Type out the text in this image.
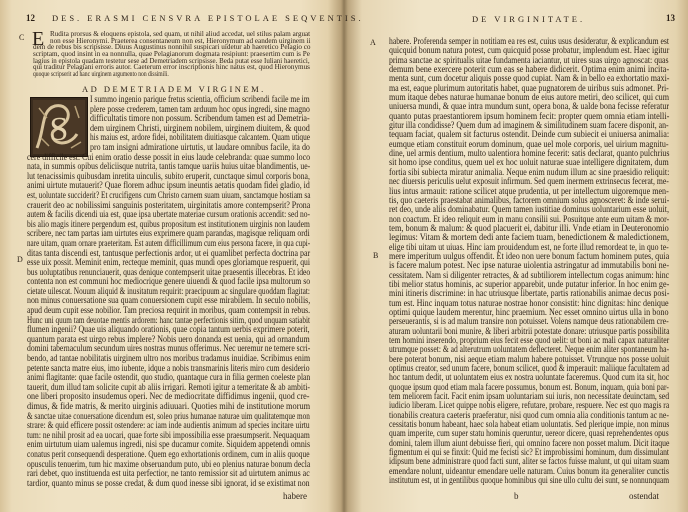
12 DES. ERASMI CENSVRA EPISTOLAE SEQVENTIS.
C
D
E Rudita prorsus & eloquens epistola, sed quam, ut nihil aliud accedat, uel stilus palam arguat
non esse Hieronymi. Praeterea consentaneum non est, Hieronymum ad eandem uirginem ii
dem de rebus bis scripsisse. Diuus Augustinus nonnihil suspicari uidetur ab haeretico Pelagio co
scriptam, quod insint in ea nonnulla, quae Pelagianorum dogmata resipiunt: praesertim cum is Pe
lagius in epistola quadam testetur sese ad Demetriadem scripsisse. Beda putat esse Iuliani haeretici,
qui traditur Pelagiani erroris autor. Caeterum error inscriptionis hinc natus est, quod Hieronymus
quoque scripserit ad hanc uirginem argumento non dissimili.
AD DEMETRIADEM VIRGINEM.
S
I summo ingenio parique fretus scientia, officium scribendi facile me im
plere posse crederem, tamen tam arduum hoc opus ingredi, sine magno
difficultatis timore non possum. Scribendum tamen est ad Demetria-
dem uirginem Christi, uirginem nobilem, uirginem diuitem, & quod
his maius est, ardore fidei, nobilitatem diuitiasque calcantem. Quam utique
pro tam insigni admiratione uirtutis, ut laudare omnibus facile, ita do
cere difficile est. Cui enim oratio desse possit in eius laude celebranda: quae summo loco
nata, in summis opibus deliciisque nutrita, tantis tamque uariis huius uitae blandimentis, ue-
lut tenacissimis quibusdam inretita uinculis, subito eruperit, cunctaque simul corporis bona,
animi uirtute mutauerit? Quae florem adhuc ipsum ineuntis aetatis quodam fidei gladio, id
est, uoluntate succiderit? Et crucifigens cum Christo carnem suam uiuam, sanctamque hostiam sa
crauerit deo ac nobilissimi sanguinis posteritatem, uirginitatis amore contempserit? Prona
autem & facilis dicendi uia est, quae ipsa ubertate materiae cursum orationis accendit: sed no-
bis alio magis itinere pergendum est, quibus propositum est institutionem uirginis non laudem
scribere, nec tam partas iam uirtutes eius exprimere quam parandas, magisque reliquam ordi
nare uitam, quam ornare praeteritam. Est autem difficillimum cum eius persona facere, in qua cupi-
ditas tanta discendi est, tantusque perfectionis ardor, ut ei quamlibet perfecta doctrina par
esse uix possit. Meminit enim, recteque meminit, quas mundi opes gloriamque respuerit, qui
bus uoluptatibus renunciauerit, quas denique contempserit uitae praesentis illecebras. Et ideo
contenta non est communi hoc mediocrique genere uiuendi & quod facile ipsa multorum so
cietate uilescat. Nouum aliquid & inusitatum requirit: praecipuum ac singulare quoddam flagitat:
non minus conuersatione sua quam conuersionem cupit esse mirabilem. In seculo nobilis,
apud deum cupit esse nobilior. Tam preciosa requirit in moribus, quam contempsit in rebus.
Hunc uni quum tam deuotae mentis ardorem: hanc tantae perfectionis sitim, quod unquam satiabit
flumen ingenii? Quae uis aliquando orationis, quae copia tantum uerbis exprimere poterit,
quantum parata est uirgo rebus implere? Nobis uero donanda est uenia, qui ad ornandum
domini tabernaculum secundum uires nostras munus offerimus. Nec ueremur ne temere scri-
bendo, ad tantae nobilitatis uirginem ultro nos moribus tradamus inuidiae. Scribimus enim
petente sancta matre eius, imo iubente, idque a nobis transmarinis literis miro cum desiderio
animi flagitante: quae facile ostendit, quo studio, quantaque cura in filia germen coeleste plan
tauerit, dum illud tam solicite cupit ab aliis irrigari. Remoti igitur a temeritate & ab ambiti-
one liberi proposito insudemus operi. Nec de mediocritate diffidimus ingenii, quod cre-
dimus, & fide matris, & merito uirginis adiuuari. Quoties mihi de institutione morum
& sanctae uitae conuersatione dicendum est, soleo prius humanae naturae uim qualitatemque mon
strare: & quid efficere possit ostendere: ac iam inde audientis animum ad species incitare uirtu
tum: ne nihil prosit ad ea uocari, quae forte sibi impossibilia esse praesumpserit. Nequaquam
enim uirtutum uiam ualemus ingredi, nisi spe ducamur comite. Siquidem appetendi omnis
conatus perit consequendi desperatione. Quem ego exhortationis ordinem, cum in aliis quoque
opusculis tenuerim, tum hic maxime obseruandum puto, ubi eo plenius naturae bonum decla
rari debet, quo instituenda est uita perfectior, ne tanto remissior sit ad uirtutem animus ac
tardior, quanto minus se posse credat, & dum quod inesse sibi ignorat, id se existimat non
habere
DE VIRGINITATE.	13
A
B
habere. Proferenda semper in notitiam ea res est, cuius usus desideratur, & explicandum est
quicquid bonum natura potest, cum quicquid posse probatur, implendum est. Haec igitur
prima sanctae ac spiritualis uitae fundamenta iaciantur, ut uires suas uirgo agnoscat: quas
demum bene exercere poterit cum eas se habere didicerit. Optima enim animi incita-
menta sunt, cum docetur aliquis posse quod cupiat. Nam & in bello ea exhortatio maxi-
ma est, eaque plurimum autoritatis habet, quae pugnatorem de uiribus suis admonet. Pri-
mum itaque debes naturae humanae bonum de eius autore metiri, deo scilicet, qui cum
uniuersa mundi, & quae intra mundum sunt, opera bona, & ualde bona fecisse referatur
quanto putas praestantiorem ipsum hominem fecit: propter quem omnia etiam intelli-
gitur illa condidisse? Quem dum ad imaginem & similitudinem suam facere disponit, an-
tequam faciat, qualem sit facturus ostendit. Deinde cum subiecit ei uniuersa animalia:
eumque etiam constituit eorum dominum, quae uel mole corporis, uel uirium magnitu-
dine, uel armis dentium, multo ualentiora homine fecerit: satis declarat, quanto pulchrius
sit homo ipse conditus, quem uel ex hoc uoluit naturae suae intelligere dignitatem, dum
fortia sibi subiecta miratur animalia. Neque enim nudum illum ac sine praesidio reliquit:
nec diuersis periculis uelut exposuit infirmum. Sed quem inermem extrinsecus fecerat, me-
lius intus armauit: ratione scilicet atque prudentia, ut per intellectum uigoremque men-
tis, quo caeteris praestabat animalibus, factorem omnium solus agnosceret: & inde serui-
ret deo, unde aliis dominabatur. Quem tamen iustitiae dominus uoluntarium esse uoluit,
non coactum. Et ideo reliquit eum in manu consilii sui. Posuitque ante eum uitam & mor-
tem, bonum & malum: & quod placuerit ei, dabitur illi. Vnde etiam in Deuteronomio
legimus: Vitam & mortem dedi ante faciem tuam, benedictionem & maledictionem,
elige tibi uitam ut uiuas. Hinc iam prouidendum est, ne forte illud remordeat te, in quo te-
mere imperitum uulgus offendit. Et ideo non uere bonum factum hominem putes, quia
is facere malum potest. Nec ipse naturae uiolentia astringatur ad immutabilis boni ne-
cessitatem. Nam si diligenter retractes, & ad subtiliorem intellectum cogas animum: hinc
tibi melior status hominis, ac superior apparebit, unde putatur inferior. In hoc enim ge-
mini itineris discrimine: in hac utriusque libertate, partis rationabilis animae decus posi-
tum est. Hinc inquam totus naturae nostrae honor consistit: hinc dignitas: hinc denique
optimi quique laudem merentur, hinc praemium. Nec esset omnino uirtus ulla in bono
perseuerantis, si is ad malum transire non potuisset. Volens namque deus rationabilem cre-
aturam uoluntarii boni munire, & liberi arbitrii potestate donare: utriusque partis possibilita
tem homini inserendo, proprium eius fecit esse quod uelit: ut boni ac mali capax naturaliter
utrumque posset: & ad alterutrum uoluntatem deflecteret. Neque enim aliter spontaneum ha-
bere poterat bonum, nisi aeque etiam malum habere potuisset. Vtrunque nos posse uoluit
optimus creator, sed unum facere, bonum scilicet, quod & imperauit: maliique facultatem ad
hoc tantum dedit, ut uoluntatem eius ex nostra uoluntate faceremus. Quod cum ita sit, hoc
quoque ipsum quod etiam mala facere possumus, bonum est. Bonum, inquam, quia boni par-
tem meliorem facit. Facit enim ipsam uoluntariam sui iuris, non necessitate deuinctam, sed
iudicio liberam. Licet quippe nobis eligere, refutare, probare, respuere. Nec est quo magis ra
tionabilis creatura caeteris praeferatur, nisi quod cum omnia alia conditionis tantum ac ne-
cessitatis bonum habeant, haec sola habeat etiam uoluntatis. Sed plerique impie, non minus
quam imperite, cum super statu hominis queruntur, uereor dicere, quasi reprehendentes opus
domini, talem illum aiunt debuisse fieri, qui omnino facere non posset malum. Dicit itaque
figmentum ei qui se finxit: Quid me fecisti sic? Et improbissimi hominum, dum dissimulant
idipsum bene administrare quod facti sunt, aliter se factos fuisse malunt, ut qui uitam suam
emendare nolunt, uideantur emendare uelle naturam. Cuius bonum ita generaliter cunctis
institutum est, ut in gentilibus quoque hominibus qui sine ullo cultu dei sunt, se nonnunquam
b	ostendat
